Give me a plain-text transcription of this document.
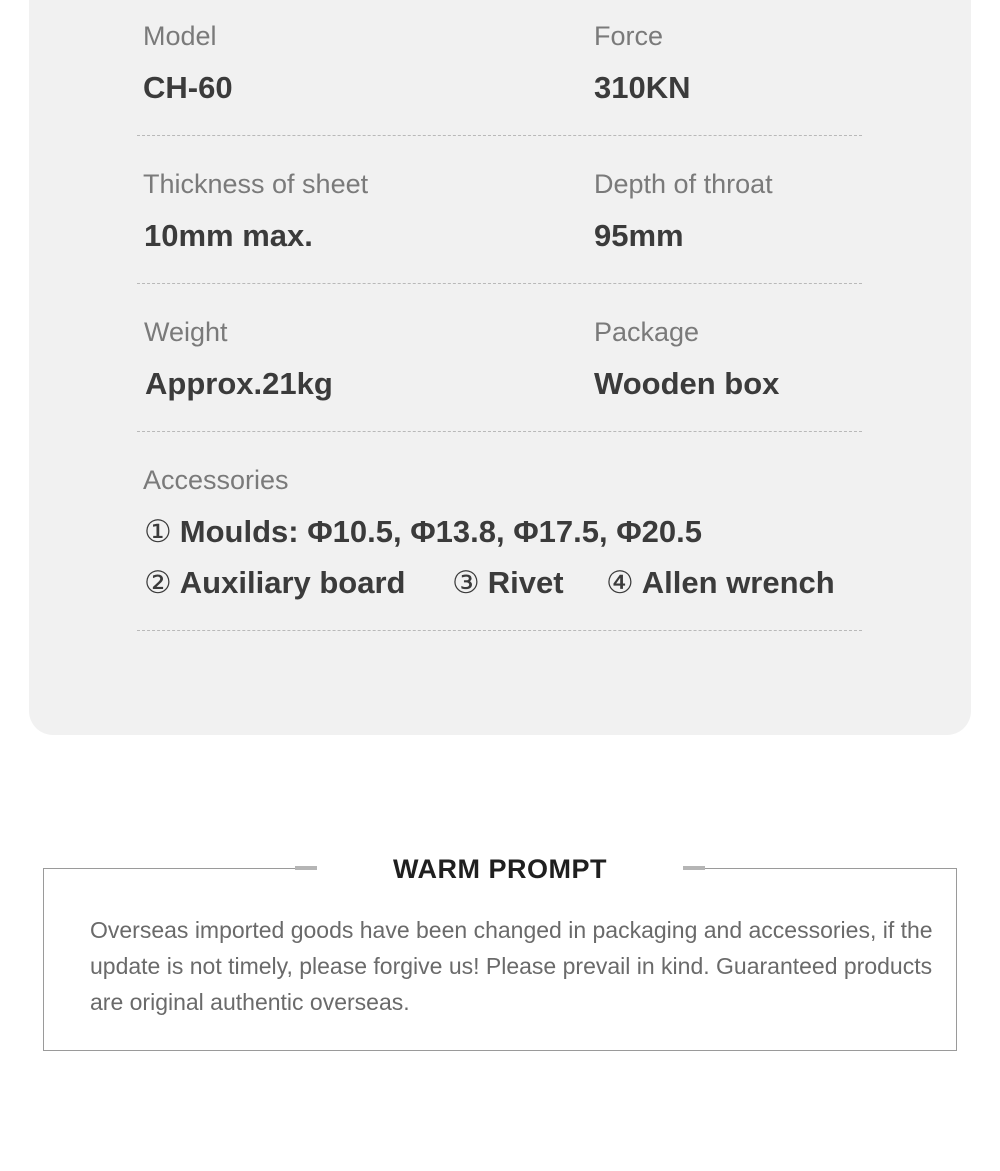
Model
CH-60
Force
310KN
Thickness of sheet
10mm max.
Depth of throat
95mm
Weight
Approx.21kg
Package
Wooden box
Accessories
① Moulds: Φ10.5, Φ13.8, Φ17.5, Φ20.5
② Auxiliary board ③ Rivet ④ Allen wrench
WARM PROMPT
Overseas imported goods have been changed in packaging and accessories, if the update is not timely, please forgive us! Please prevail in kind. Guaranteed products are original authentic overseas.
